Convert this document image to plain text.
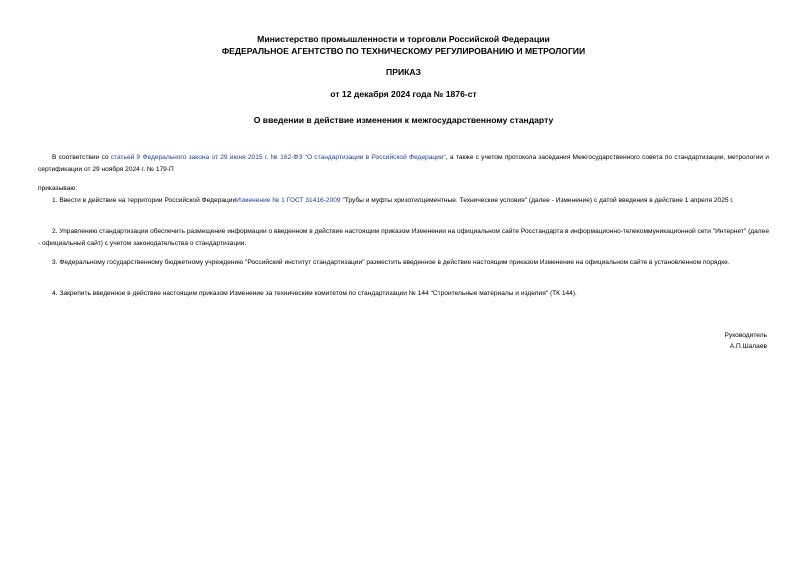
Министерство промышленности и торговли Российской Федерации
ФЕДЕРАЛЬНОЕ АГЕНТСТВО ПО ТЕХНИЧЕСКОМУ РЕГУЛИРОВАНИЮ И МЕТРОЛОГИИ
ПРИКАЗ
от 12 декабря 2024 года № 1876-ст
О введении в действие изменения к межгосударственному стандарту
В соответствии со статьей 9 Федерального закона от 29 июня 2015 г. № 162-ФЗ "О стандартизации в Российской Федерации", а также с учетом протокола заседания Межгосударственного совета по стандартизации, метрологии и сертификации от 29 ноября 2024 г. № 179-П
приказываю:
1. Ввести в действие на территории Российской ФедерацииИзменение № 1 ГОСТ 31416-2009 "Трубы и муфты хризотилцементные. Технические условия" (далее - Изменение) с датой введения в действие 1 апреля 2025 г.
2. Управлению стандартизации обеспечить размещение информации о введенном в действие настоящим приказом Изменении на официальном сайте Росстандарта в информационно-телекоммуникационной сети "Интернет" (далее - официальный сайт) с учетом законодательства о стандартизации.
3. Федеральному государственному бюджетному учреждению "Российский институт стандартизации" разместить введенное в действие настоящим приказом Изменение на официальном сайте в установленном порядке.
4. Закрепить введенное в действие настоящим приказом Изменение за техническим комитетом по стандартизации № 144 "Строительные материалы и изделия" (ТК 144).
Руководитель
А.П.Шалаев
